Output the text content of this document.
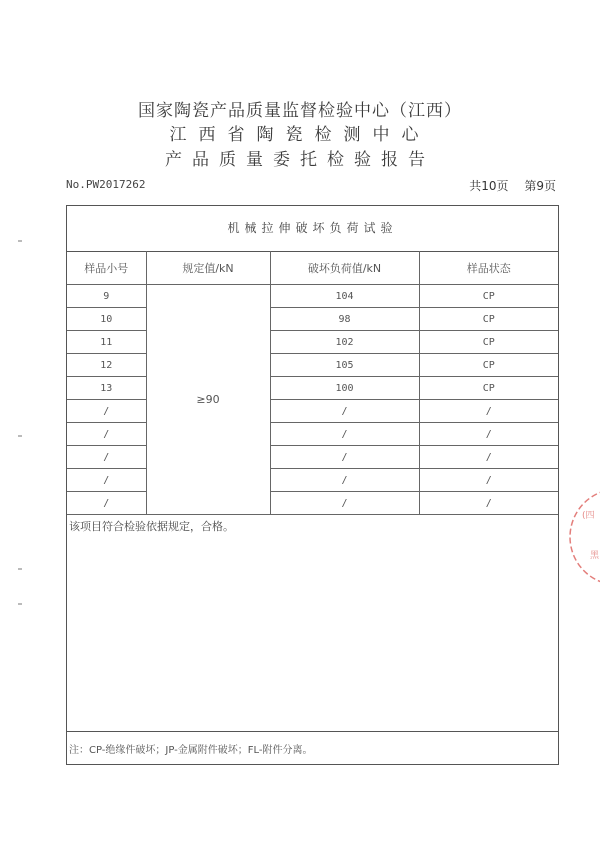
国家陶瓷产品质量监督检验中心（江西）
江西省陶瓷检测中心
产品质量委托检验报告
No.PW2017262	共10页 第9页
机械拉伸破坏负荷试验
样品小号	规定值/kN	破坏负荷值/kN	样品状态
9	≥90	104	CP
10		98	CP
11		102	CP
12		105	CP
13		100	CP
/		/	/
/		/	/
/		/	/
/		/	/
/		/	/
该项目符合检验依据规定，合格。
注：CP-绝缘件破坏；JP-金属附件破坏；FL-附件分离。
(四
黑
